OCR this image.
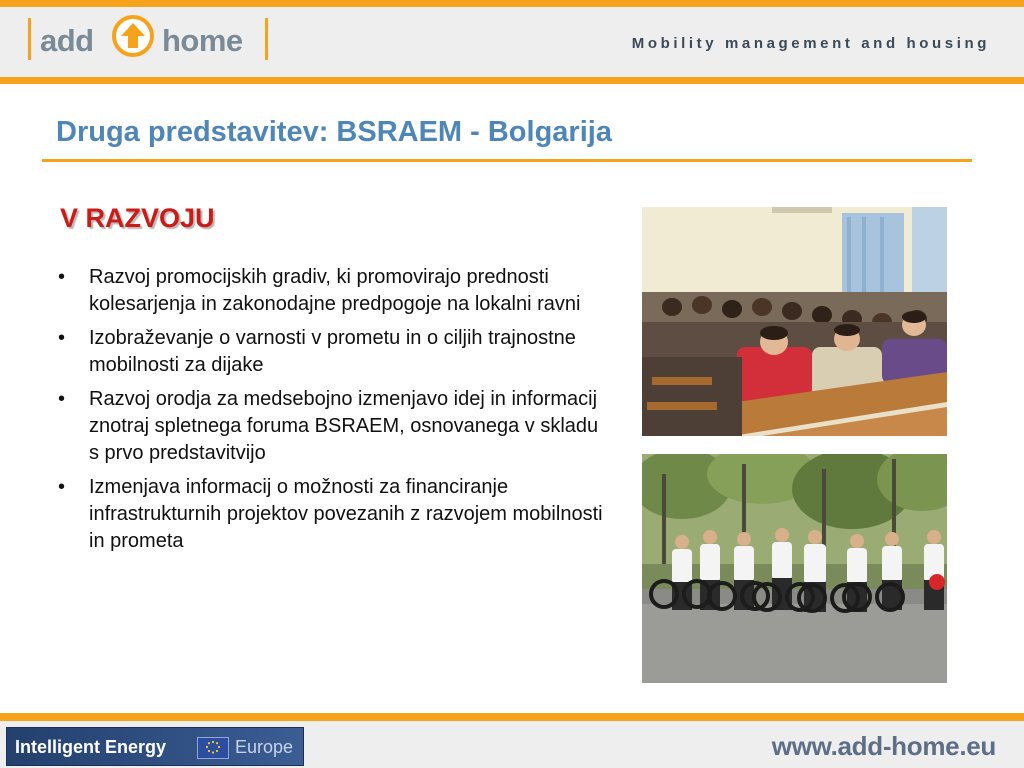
add home	Mobility management and housing
Druga predstavitev: BSRAEM - Bolgarija
V RAZVOJU
• Razvoj promocijskih gradiv, ki promovirajo prednosti kolesarjenja in zakonodajne predpogoje na lokalni ravni
• Izobraževanje o varnosti v prometu in o ciljih trajnostne mobilnosti za dijake
• Razvoj orodja za medsebojno izmenjavo idej in informacij znotraj spletnega foruma BSRAEM, osnovanega v skladu s prvo predstavitvijo
• Izmenjava informacij o možnosti za financiranje infrastrukturnih projektov povezanih z razvojem mobilnosti in prometa
Intelligent Energy	Europe	www.add-home.eu
